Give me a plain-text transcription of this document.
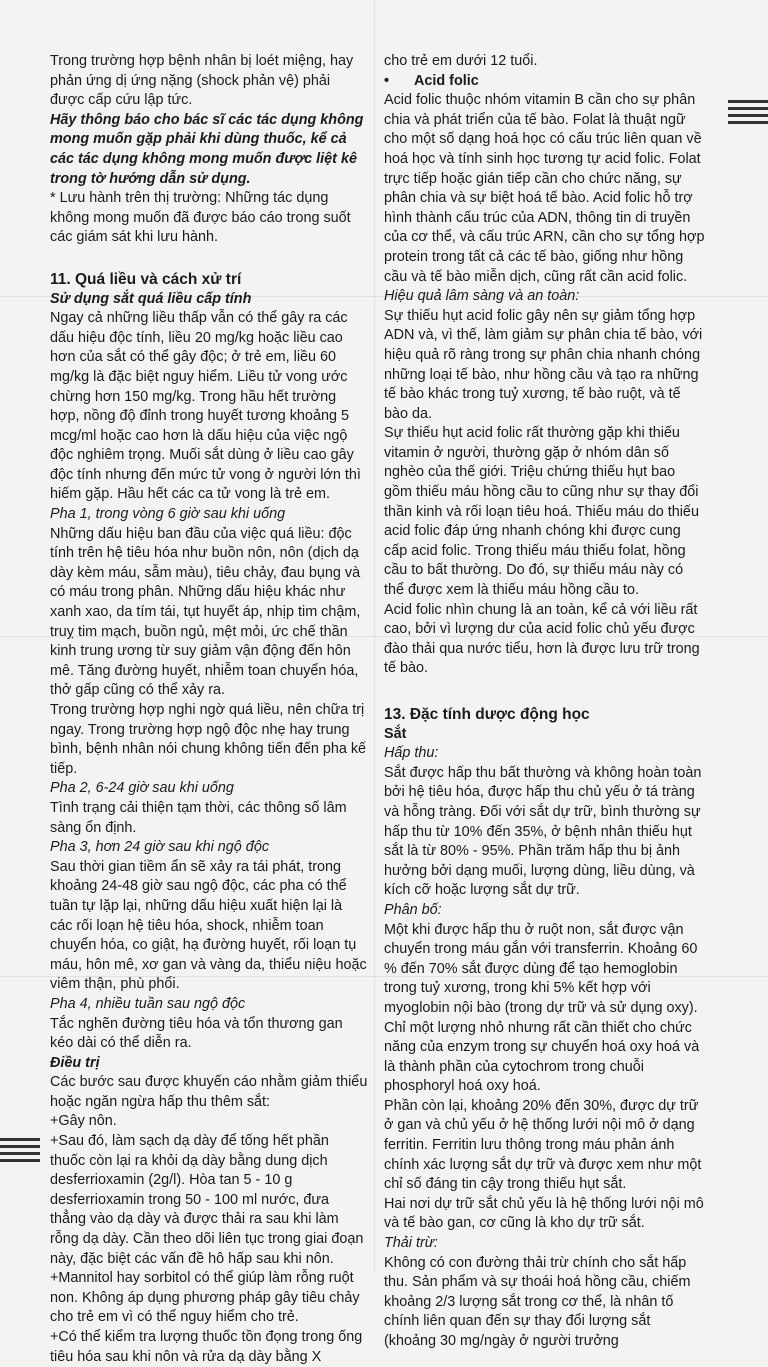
Trong trường hợp bệnh nhân bị loét miệng, hay phản ứng dị ứng nặng (shock phản vệ) phải được cấp cứu lập tức.

Hãy thông báo cho bác sĩ các tác dụng không mong muốn gặp phải khi dùng thuốc, kể cả các tác dụng không mong muốn được liệt kê trong tờ hướng dẫn sử dụng.

* Lưu hành trên thị trường: Những tác dụng không mong muốn đã được báo cáo trong suốt các giám sát khi lưu hành.

11. Quá liều và cách xử trí

Sử dụng sắt quá liều cấp tính

Ngay cả những liều thấp vẫn có thể gây ra các dấu hiệu độc tính, liều 20 mg/kg hoặc liều cao hơn của sắt có thể gây độc; ở trẻ em, liều 60 mg/kg là đặc biệt nguy hiểm. Liều tử vong ước chừng hơn 150 mg/kg. Trong hầu hết trường hợp, nồng độ đỉnh trong huyết tương khoảng 5 mcg/ml hoặc cao hơn là dấu hiệu của việc ngộ độc nghiêm trọng. Muối sắt dùng ở liều cao gây độc tính nhưng đến mức tử vong ở người lớn thì hiếm gặp. Hầu hết các ca tử vong là trẻ em.

Pha 1, trong vòng 6 giờ sau khi uống

Những dấu hiệu ban đầu của việc quá liều: độc tính trên hệ tiêu hóa như buồn nôn, nôn (dịch dạ dày kèm máu, sẫm màu), tiêu chảy, đau bụng và có máu trong phân. Những dấu hiệu khác như xanh xao, da tím tái, tụt huyết áp, nhịp tim chậm, truỵ tim mạch, buồn ngủ, mệt mỏi, ức chế thần kinh trung ương từ suy giảm vận động đến hôn mê. Tăng đường huyết, nhiễm toan chuyển hóa, thở gấp cũng có thể xảy ra.

Trong trường hợp nghi ngờ quá liều, nên chữa trị ngay. Trong trường hợp ngộ độc nhẹ hay trung bình, bệnh nhân nói chung không tiến đến pha kế tiếp.

Pha 2, 6-24 giờ sau khi uống

Tình trạng cải thiện tạm thời, các thông số lâm sàng ổn định.

Pha 3, hơn 24 giờ sau khi ngộ độc

Sau thời gian tiềm ẩn sẽ xảy ra tái phát, trong khoảng 24-48 giờ sau ngộ độc, các pha có thể tuần tự lặp lại, những dấu hiệu xuất hiện lại là các rối loạn hệ tiêu hóa, shock, nhiễm toan chuyển hóa, co giật, hạ đường huyết, rối loạn tụ máu, hôn mê, xơ gan và vàng da, thiểu niệu hoặc viêm thận, phù phổi.

Pha 4, nhiều tuần sau ngộ độc

Tắc nghẽn đường tiêu hóa và tổn thương gan kéo dài có thể diễn ra.

Điều trị

Các bước sau được khuyến cáo nhằm giảm thiểu hoặc ngăn ngừa hấp thu thêm sắt:

+Gây nôn.

+Sau đó, làm sạch dạ dày để tống hết phần thuốc còn lại ra khỏi dạ dày bằng dung dịch desferrioxamin (2g/l). Hòa tan 5 - 10 g desferrioxamin trong 50 - 100 ml nước, đưa thẳng vào dạ dày và được thải ra sau khi làm rỗng dạ dày. Cần theo dõi liên tục trong giai đoạn này, đặc biệt các vấn đề hô hấp sau khi nôn.

+Mannitol hay sorbitol có thể giúp làm rỗng ruột non. Không áp dụng phương pháp gây tiêu chảy cho trẻ em vì có thể nguy hiểm cho trẻ.

+Có thể kiểm tra lượng thuốc tồn đọng trong ống tiêu hóa sau khi nôn và rửa dạ dày bằng X

cho trẻ em dưới 12 tuổi.

• Acid folic

Acid folic thuộc nhóm vitamin B cần cho sự phân chia và phát triển của tế bào. Folat là thuật ngữ cho một số dạng hoá học có cấu trúc liên quan về hoá học và tính sinh học tương tự acid folic. Folat trực tiếp hoặc gián tiếp cần cho chức năng, sự phân chia và sự biệt hoá tế bào. Acid folic hỗ trợ hình thành cấu trúc của ADN, thông tin di truyền của cơ thể, và cấu trúc ARN, cần cho sự tổng hợp protein trong tất cả các tế bào, giống như hồng cầu và tế bào miễn dịch, cũng rất cần acid folic.

Hiệu quả lâm sàng và an toàn:

Sự thiếu hụt acid folic gây nên sự giảm tổng hợp ADN và, vì thế, làm giảm sự phân chia tế bào, với hiệu quả rõ ràng trong sự phân chia nhanh chóng những loại tế bào, như hồng cầu và tạo ra những tế bào khác trong tuỷ xương, tế bào ruột, và tế bào da.

Sự thiếu hụt acid folic rất thường gặp khi thiếu vitamin ở người, thường gặp ở nhóm dân số nghèo của thế giới. Triệu chứng thiếu hụt bao gồm thiếu máu hồng cầu to cũng như sự thay đổi thần kinh và rối loạn tiêu hoá. Thiếu máu do thiếu acid folic đáp ứng nhanh chóng khi được cung cấp acid folic. Trong thiếu máu thiếu folat, hồng cầu to bất thường. Do đó, sự thiếu máu này có thể được xem là thiếu máu hồng cầu to.

Acid folic nhìn chung là an toàn, kể cả với liều rất cao, bởi vì lượng dư của acid folic chủ yếu được đào thải qua nước tiểu, hơn là được lưu trữ trong tế bào.

13. Đặc tính dược động học

Sắt

Hấp thu:

Sắt được hấp thu bất thường và không hoàn toàn bởi hệ tiêu hóa, được hấp thu chủ yếu ở tá tràng và hỗng tràng. Đối với sắt dự trữ, bình thường sự hấp thu từ 10% đến 35%, ở bệnh nhân thiếu hụt sắt là từ 80% - 95%. Phần trăm hấp thu bị ảnh hưởng bởi dạng muối, lượng dùng, liều dùng, và kích cỡ hoặc lượng sắt dự trữ.

Phân bố:

Một khi được hấp thu ở ruột non, sắt được vận chuyển trong máu gắn với transferrin. Khoảng 60 % đến 70% sắt được dùng để tạo hemoglobin trong tuỷ xương, trong khi 5% kết hợp với myoglobin nội bào (trong dự trữ và sử dụng oxy). Chỉ một lượng nhỏ nhưng rất cần thiết cho chức năng của enzym trong sự chuyển hoá oxy hoá và là thành phần của cytochrom trong chuỗi phosphoryl hoá oxy hoá.

Phần còn lại, khoảng 20% đến 30%, được dự trữ ở gan và chủ yếu ở hệ thống lưới nội mô ở dạng ferritin. Ferritin lưu thông trong máu phản ánh chính xác lượng sắt dự trữ và được xem như một chỉ số đáng tin cậy trong thiếu hụt sắt.

Hai nơi dự trữ sắt chủ yếu là hệ thống lưới nội mô và tế bào gan, cơ cũng là kho dự trữ sắt.

Thải trừ:

Không có con đường thải trừ chính cho sắt hấp thu. Sản phẩm và sự thoái hoá hồng cầu, chiếm khoảng 2/3 lượng sắt trong cơ thể, là nhân tố chính liên quan đến sự thay đổi lượng sắt (khoảng 30 mg/ngày ở người trưởng
